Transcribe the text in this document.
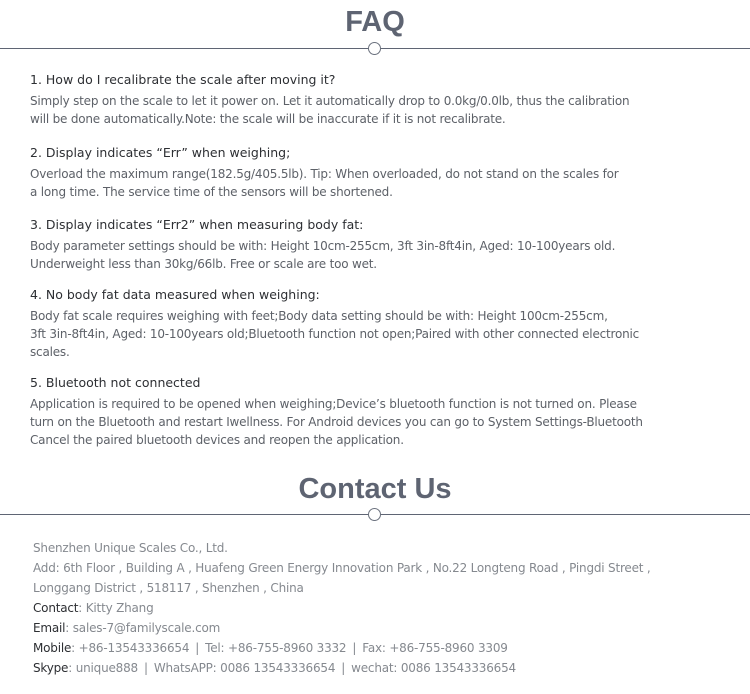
FAQ
1. How do I recalibrate the scale after moving it?

Simply step on the scale to let it power on. Let it automatically drop to 0.0kg/0.0lb, thus the calibration
will be done automatically.Note: the scale will be inaccurate if it is not recalibrate.

2. Display indicates “Err” when weighing;

Overload the maximum range(182.5g/405.5lb). Tip: When overloaded, do not stand on the scales for
a long time. The service time of the sensors will be shortened.

3. Display indicates “Err2” when measuring body fat:

Body parameter settings should be with: Height 10cm-255cm, 3ft 3in-8ft4in, Aged: 10-100years old.
Underweight less than 30kg/66lb. Free or scale are too wet.

4. No body fat data measured when weighing:

Body fat scale requires weighing with feet;Body data setting should be with: Height 100cm-255cm,
3ft 3in-8ft4in, Aged: 10-100years old;Bluetooth function not open;Paired with other connected electronic
scales.

5. Bluetooth not connected

Application is required to be opened when weighing;Device’s bluetooth function is not turned on. Please
turn on the Bluetooth and restart Iwellness. For Android devices you can go to System Settings-Bluetooth
Cancel the paired bluetooth devices and reopen the application.

Contact Us

Shenzhen Unique Scales Co., Ltd.

Add: 6th Floor , Building A , Huafeng Green Energy Innovation Park , No.22 Longteng Road , Pingdi Street ,

Longgang District , 518117 , Shenzhen , China

Contact: Kitty Zhang

Email: sales-7@familyscale.com

Mobile: +86-13543336654 | Tel: +86-755-8960 3332 | Fax: +86-755-8960 3309

Skype: unique888 | WhatsAPP: 0086 13543336654 | wechat: 0086 13543336654
